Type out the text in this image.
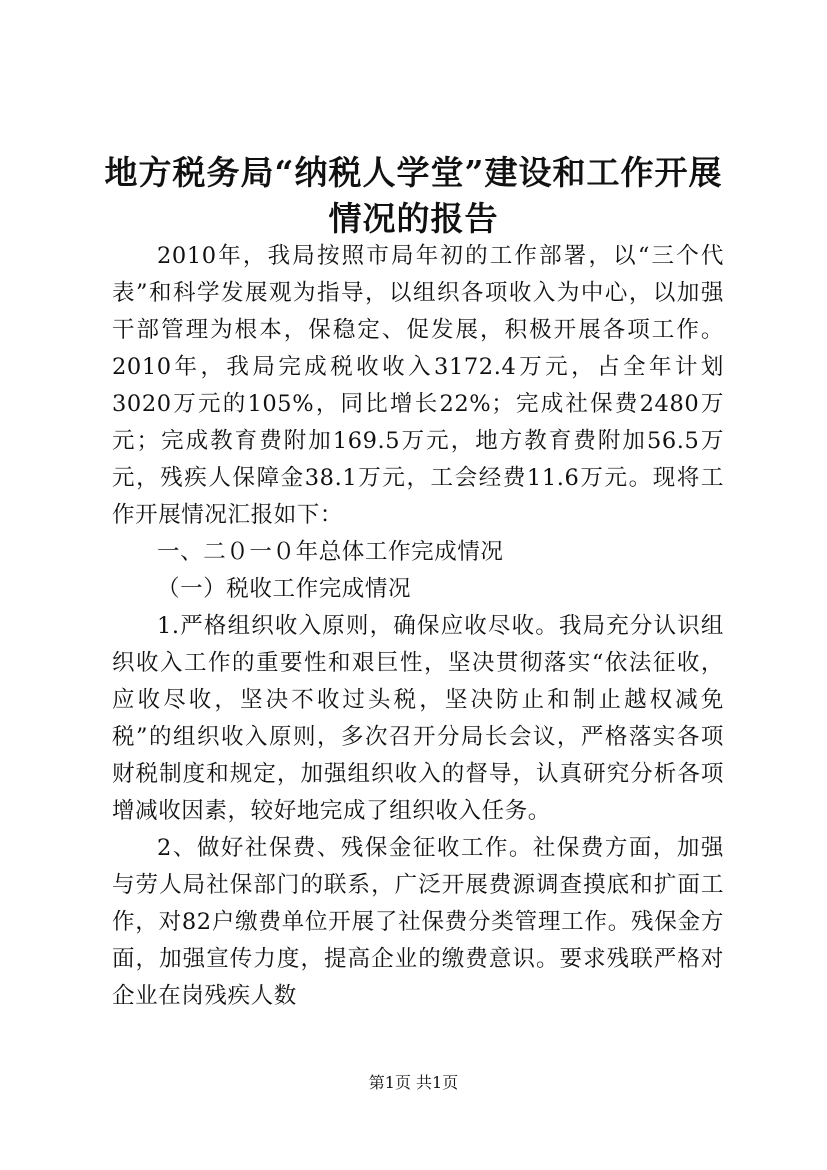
地方税务局“纳税人学堂”建设和工作开展情况的报告

2010年，我局按照市局年初的工作部署，以“三个代表”和科学发展观为指导，以组织各项收入为中心，以加强干部管理为根本，保稳定、促发展，积极开展各项工作。2010年，我局完成税收收入3172.4万元，占全年计划3020万元的105%，同比增长22%；完成社保费2480万元；完成教育费附加169.5万元，地方教育费附加56.5万元，残疾人保障金38.1万元，工会经费11.6万元。现将工作开展情况汇报如下：

一、二０一０年总体工作完成情况

（一）税收工作完成情况

1.严格组织收入原则，确保应收尽收。我局充分认识组织收入工作的重要性和艰巨性，坚决贯彻落实“依法征收，应收尽收，坚决不收过头税，坚决防止和制止越权减免税”的组织收入原则，多次召开分局长会议，严格落实各项财税制度和规定，加强组织收入的督导，认真研究分析各项增减收因素，较好地完成了组织收入任务。

2、做好社保费、残保金征收工作。社保费方面，加强与劳人局社保部门的联系，广泛开展费源调查摸底和扩面工作，对82户缴费单位开展了社保费分类管理工作。残保金方面，加强宣传力度，提高企业的缴费意识。要求残联严格对企业在岗残疾人数

第1页 共1页
